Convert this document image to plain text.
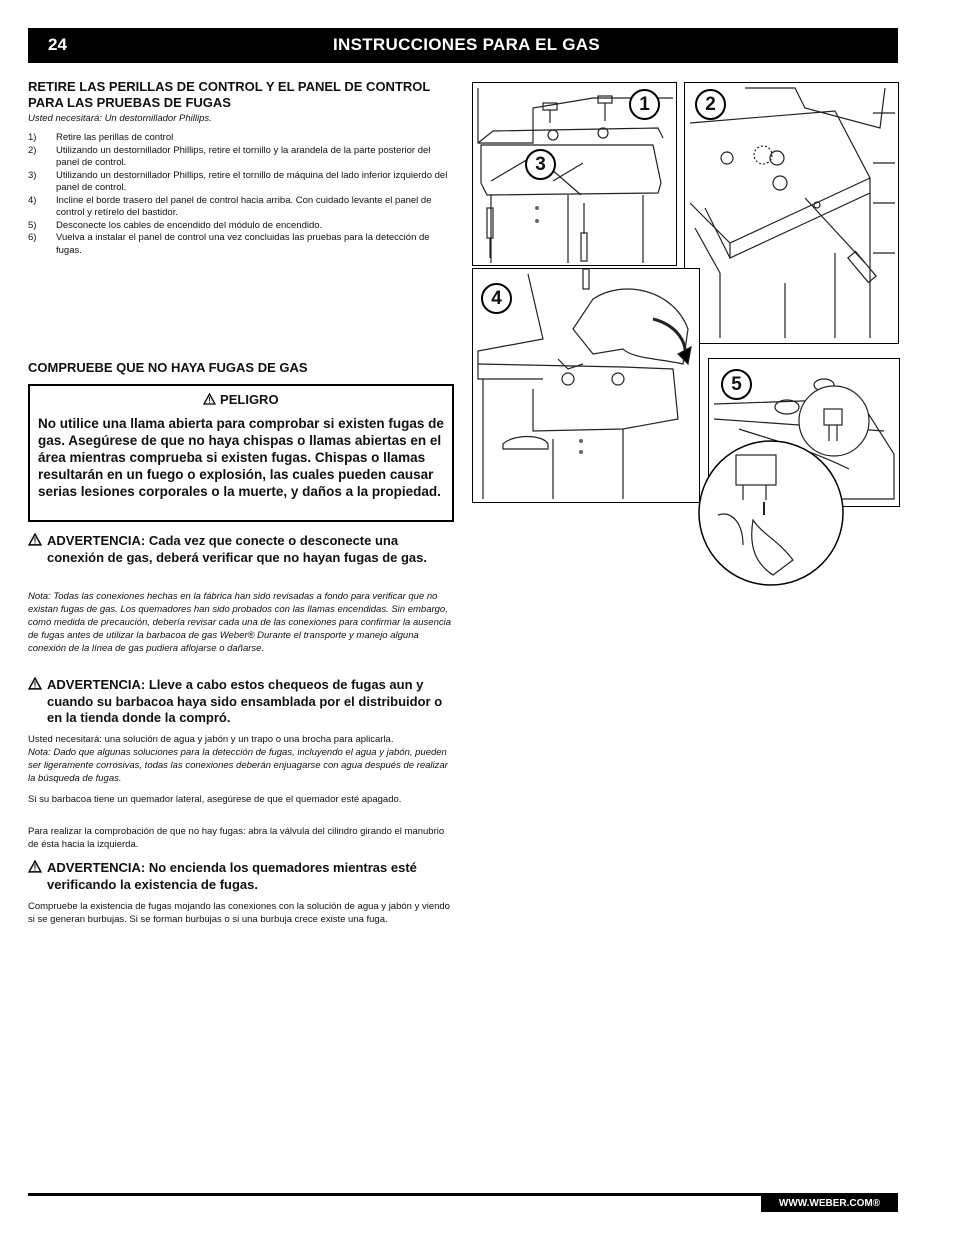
24	INSTRUCCIONES PARA EL GAS

RETIRE LAS PERILLAS DE CONTROL Y EL PANEL DE CONTROL PARA LAS PRUEBAS DE FUGAS

Usted necesitará: Un destornillador Phillips.

1) Retire las perillas de control
2) Utilizando un destornillador Phillips, retire el tornillo y la arandela de la parte posterior del panel de control.
3) Utilizando un destornillador Phillips, retire el tornillo de máquina del lado inferior izquierdo del panel de control.
4) Incline el borde trasero del panel de control hacia arriba. Con cuidado levante el panel de control y retírelo del bastidor.
5) Desconecte los cables de encendido del módulo de encendido.
6) Vuelva a instalar el panel de control una vez concluidas las pruebas para la detección de fugas.
COMPRUEBE QUE NO HAYA FUGAS DE GAS
PELIGRO
No utilice una llama abierta para comprobar si existen fugas de gas. Asegúrese de que no haya chispas o llamas abiertas en el área mientras comprueba si existen fugas. Chispas o llamas resultarán en un fuego o explosión, las cuales pueden causar serias lesiones corporales o la muerte, y daños a la propiedad.
ADVERTENCIA: Cada vez que conecte o desconecte una conexión de gas, deberá verificar que no hayan fugas de gas.
Nota: Todas las conexiones hechas en la fábrica han sido revisadas a fondo para verificar que no existan fugas de gas. Los quemadores han sido probados con las llamas encendidas. Sin embargo, como medida de precaución, debería revisar cada una de las conexiones para confirmar la ausencia de fugas antes de utilizar la barbacoa de gas Weber® Durante el transporte y manejo alguna conexión de la línea de gas pudiera aflojarse o dañarse.
ADVERTENCIA: Lleve a cabo estos chequeos de fugas aun y cuando su barbacoa haya sido ensamblada por el distribuidor o en la tienda donde la compró.
Usted necesitará: una solución de agua y jabón y un trapo o una brocha para aplicarla.
Nota: Dado que algunas soluciones para la detección de fugas, incluyendo el agua y jabón, pueden ser ligeramente corrosivas, todas las conexiones deberán enjuagarse con agua después de realizar la búsqueda de fugas.
Si su barbacoa tiene un quemador lateral, asegúrese de que el quemador esté apagado.
Para realizar la comprobación de que no hay fugas: abra la válvula del cilindro girando el manubrio de ésta hacia la izquierda.
ADVERTENCIA: No encienda los quemadores mientras esté verificando la existencia de fugas.
Compruebe la existencia de fugas mojando las conexiones con la solución de agua y jabón y viendo si se generan burbujas. Si se forman burbujas o si una burbuja crece existe una fuga.
1
3
2
4
5
WWW.WEBER.COM®
